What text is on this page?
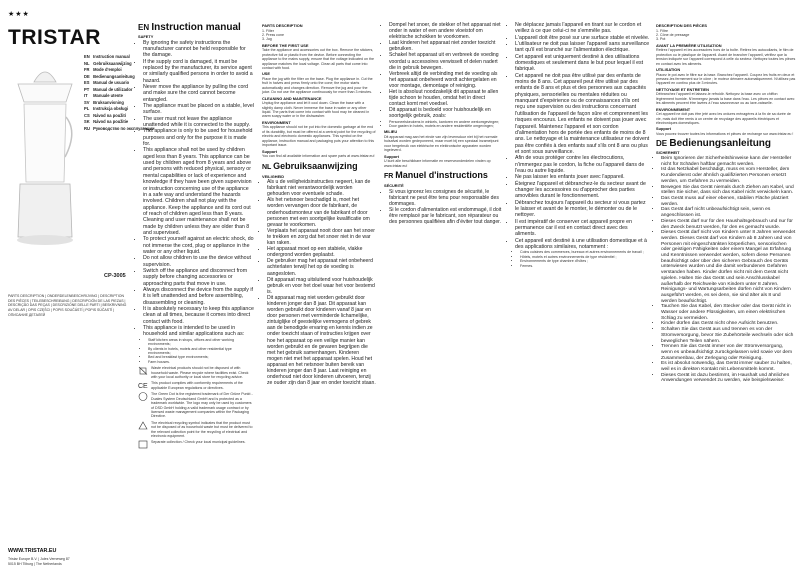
★★★
TRISTAR
EN Instruction manual
NL Gebruiksaanwijzing
FR Mode d'emploi
DE Bedienungsanleitung
ES Manual de usuario
PT Manual de utilizador
IT Manuale utente
SV Bruksanvisning
PL Instrukcja obsługi
CS Návod na použití
SK Návod na použitie
RU Руководство по эксплуатации
CP-3005
PARTS DESCRIPTION | ONDERDELENBESCHRIJVING | DESCRIPTION DES PIÈCES | TEILEBESCHREIBUNG | DESCRIPCIÓN DE LAS PIEZAS | DESCRIÇÃO DAS PEÇAS | DESCRIZIONE DELLE PARTI | BESKRIVNING AV DELAR | OPIS CZĘŚCI | POPIS SOUČÁSTÍ | POPIS SÚČASTÍ | ОПИСАНИЕ ДЕТАЛЕЙ
WWW.TRISTAR.EU
Tristar Europe B.V. | Jules Verneweg 87
5015 BH Tilburg | The Netherlands
EN Instruction manual
SAFETY
• By ignoring the safety instructions the manufacturer cannot be held responsible for the damage.
• If the supply cord is damaged, it must be replaced by the manufacturer, its service agent or similarly qualified persons in order to avoid a hazard.
• Never move the appliance by pulling the cord and make sure the cord cannot become entangled.
• The appliance must be placed on a stable, level surface.
• The user must not leave the appliance unattended while it is connected to the supply.
• This appliance is only to be used for household purposes and only for the purpose it is made for.
• This appliance shall not be used by children aged less than 8 years. This appliance can be used by children aged from 8 years and above and persons with reduced physical, sensory or mental capabilities or lack of experience and knowledge if they have been given supervision or instruction concerning use of the appliance in a safe way and understand the hazards involved. Children shall not play with the appliance. Keep the appliance and its cord out of reach of children aged less than 8 years. Cleaning and user maintenance shall not be made by children unless they are older than 8 and supervised.
• To protect yourself against an electric shock, do not immerse the cord, plug or appliance in the water or any other liquid.
• Do not allow children to use the device without supervision.
• Switch off the appliance and disconnect from supply before changing accessories or approaching parts that move in use.
• Always disconnect the device from the supply if it is left unattended and before assembling, disassembling or cleaning.
• It is absolutely necessary to keep this appliance clean at all times, because it comes into direct contact with food.
• This appliance is intended to be used in household and similar applications such as:
• Staff kitchen areas in shops, offices and other working environments;
• By clients in hotels, motels and other residential type environments;
• Bed and breakfast type environments;
• Farm houses.
Waste electrical products should not be disposed of with household waste. Please recycle where facilities exist. Check with your local authority or local store for recycling advice.
CE This product complies with conformity requirements of the applicable European regulations or directives.
The Green Dot is the registered trademark of Der Grüne Punkt - Duales System Deutschland GmbH and is protected as a trademark worldwide. The logo may only be used by customers of DSD GmbH holding a valid trademark usage contract or by licensed waste management companies within the Packaging Directive.
The electrical recycling symbol indicates that the product must not be disposed of as household waste but must be delivered to the relevant collection point for the recycling of electrical and electronic equipment.
Separate collection / Check your local municipal guidelines.
PARTS DESCRIPTION
1. Filter
2. Press cone
3. Jug
BEFORE THE FIRST USE

Take the appliance and accessories out the box. Remove the stickers, protective foil or plastic from the device. Before connecting the appliance to the mains supply, ensure that the voltage indicated on the appliance matches the local voltage. Clean all parts that come into contact with food.

USE

Place the jug with the filter on the base. Plug the appliance in. Cut the fruit in halves and press firmly onto the cone; the motor starts automatically and changes direction. Remove the jug and pour the juice. Do not use the appliance continuously for more than 3 minutes.

CLEANING AND MAINTENANCE

Unplug the appliance and let it cool down. Clean the base with a slightly damp cloth. Never immerse the base in water or any other liquid. The parts that come into contact with food may be cleaned in warm soapy water or in the dishwasher.

ENVIRONMENT

This appliance should not be put into the domestic garbage at the end of its durability, but must be offered at a central point for the recycling of electric and electronic domestic appliances. This symbol on the appliance, instruction manual and packaging puts your attention to this important issue.

Support

You can find all available information and spare parts at www.tristar.eu!

NL Gebruiksaanwijzing
VEILIGHEID
• Als u de veiligheidsinstructies negeert, kan de fabrikant niet verantwoordelijk worden gehouden voor eventuele schade.
• Als het netsnoer beschadigd is, moet het worden vervangen door de fabrikant, de onderhoudsmonteur van de fabrikant of door personen met een soortgelijke kwalificatie om gevaar te voorkomen.
• Verplaats het apparaat nooit door aan het snoer te trekken en zorg dat het snoer niet in de war kan raken.
• Het apparaat moet op een stabiele, vlakke ondergrond worden geplaatst.
• De gebruiker mag het apparaat niet onbeheerd achterlaten terwijl het op de voeding is aangesloten.
• Dit apparaat mag uitsluitend voor huishoudelijk gebruik en voor het doel waar het voor bestemd is.
• Dit apparaat mag niet worden gebruikt door kinderen jonger dan 8 jaar. Dit apparaat kan worden gebruikt door kinderen vanaf 8 jaar en door personen met verminderde lichamelijke, zintuiglijke of geestelijke vermogens of gebrek aan de benodigde ervaring en kennis indien ze onder toezicht staan of instructies krijgen over hoe het apparaat op een veilige manier kan worden gebruikt en de gevaren begrijpen die met het gebruik samenhangen. Kinderen mogen niet met het apparaat spelen. Houd het apparaat en het netsnoer buiten bereik van kinderen jonger dan 8 jaar. Laat reiniging en onderhoud niet door kinderen uitvoeren, tenzij ze ouder zijn dan 8 jaar en onder toezicht staan.
• Dompel het snoer, de stekker of het apparaat niet onder in water of een andere vloeistof om elektrische schokken te voorkomen.
• Laat kinderen het apparaat niet zonder toezicht gebruiken.
• Schakel het apparaat uit en verbreek de voeding voordat u accessoires verwisselt of delen nadert die in gebruik bewegen.
• Verbreek altijd de verbinding met de voeding als het apparaat onbeheerd wordt achtergelaten en voor montage, demontage of reiniging.
• Het is absoluut noodzakelijk dit apparaat te allen tijde schoon te houden, omdat het in direct contact komt met voedsel.
• Dit apparaat is bedoeld voor huishoudelijk en soortgelijk gebruik, zoals:
• Personeelskeukens in winkels, kantoren en andere werkomgevingen;
• Door gasten in hotels, motels en andere residentiële omgevingen;
MILIEU

Dit apparaat mag aan het einde van zijn levensduur niet bij het normale huisafval worden gedeponeerd, maar moet bij een speciaal inzamelpunt voor hergebruik van elektrische en elektronische apparaten worden ingeleverd.

Support

U kunt alle beschikbare informatie en reserveonderdelen vinden op www.tristar.eu!

FR Manuel d'instructions
SÉCURITÉ
• Si vous ignorez les consignes de sécurité, le fabricant ne peut être tenu pour responsable des dommages.
• Si le cordon d'alimentation est endommagé, il doit être remplacé par le fabricant, son réparateur ou des personnes qualifiées afin d'éviter tout danger.
• Ne déplacez jamais l'appareil en tirant sur le cordon et veillez à ce que celui-ci ne s'emmêle pas.
• L'appareil doit être posé sur une surface stable et nivelée.
• L'utilisateur ne doit pas laisser l'appareil sans surveillance tant qu'il est branché sur l'alimentation électrique.
• Cet appareil est uniquement destiné à des utilisations domestiques et seulement dans le but pour lequel il est fabriqué.
• Cet appareil ne doit pas être utilisé par des enfants de moins de 8 ans. Cet appareil peut être utilisé par des enfants de 8 ans et plus et des personnes aux capacités physiques, sensorielles ou mentales réduites ou manquant d'expérience ou de connaissances s'ils ont reçu une supervision ou des instructions concernant l'utilisation de l'appareil de façon sûre et comprennent les risques encourus. Les enfants ne doivent pas jouer avec l'appareil. Maintenez l'appareil et son cordon d'alimentation hors de portée des enfants de moins de 8 ans. Le nettoyage et la maintenance utilisateur ne doivent pas être confiés à des enfants sauf s'ils ont 8 ans ou plus et sont sous surveillance.
• Afin de vous protéger contre les électrocutions, n'immergez pas le cordon, la fiche ou l'appareil dans de l'eau ou autre liquide.
• Ne pas laisser les enfants jouer avec l'appareil.
• Éteignez l'appareil et débranchez-le du secteur avant de changer les accessoires ou d'approcher des parties amovibles durant le fonctionnement.
• Débranchez toujours l'appareil du secteur si vous partez le laisser et avant de le monter, le démonter ou de le nettoyer.
• Il est impératif de conserver cet appareil propre en permanence car il est en contact direct avec des aliments.
• Cet appareil est destiné à une utilisation domestique et à des applications similaires, notamment :
• Coins cuisines des commerces, bureaux et autres environnements de travail ;
• Hôtels, motels et autres environnements de type résidentiel ;
• Environnements de type chambre d'hôtes ;
• Fermes.
DESCRIPTION DES PIÈCES
1. Filtre
2. Cône de pressage
3. Pot
AVANT LA PREMIÈRE UTILISATION

Retirez l'appareil et les accessoires hors de la boîte. Retirez les autocollants, le film de protection ou le plastique de l'appareil. Avant de brancher l'appareil, vérifiez que la tension indiquée sur l'appareil correspond à celle du secteur. Nettoyez toutes les pièces en contact avec les aliments.

UTILISATION

Placez le pot avec le filtre sur la base. Branchez l'appareil. Coupez les fruits en deux et pressez-les fermement sur le cône ; le moteur démarre automatiquement. N'utilisez pas l'appareil en continu plus de 3 minutes.

NETTOYAGE ET ENTRETIEN

Débranchez l'appareil et laissez-le refroidir. Nettoyez la base avec un chiffon légèrement humide. N'immergez jamais la base dans l'eau. Les pièces en contact avec les aliments peuvent être lavées à l'eau savonneuse ou au lave-vaisselle.

ENVIRONNEMENT

Cet appareil ne doit pas être jeté avec les ordures ménagères à la fin de sa durée de vie, mais doit être remis à un centre de recyclage des appareils électriques et électroniques domestiques.

Support

Vous pouvez trouver toutes les informations et pièces de rechange sur www.tristar.eu !

DE Bedienungsanleitung
SICHERHEIT
• Beim Ignorieren der Sicherheitshinweise kann der Hersteller nicht für Schäden haftbar gemacht werden.
• Ist das Netzkabel beschädigt, muss es vom Hersteller, dem Kundendienst oder ähnlich qualifizierten Personen ersetzt werden, um Gefahren zu vermeiden.
• Bewegen Sie das Gerät niemals durch Ziehen am Kabel, und stellen Sie sicher, dass sich das Kabel nicht verwickeln kann.
• Das Gerät muss auf einer ebenen, stabilen Fläche platziert werden.
• Das Gerät darf nicht unbeaufsichtigt sein, wenn es angeschlossen ist.
• Dieses Gerät darf nur für den Haushaltsgebrauch und nur für den Zweck benutzt werden, für den es gemacht wurde.
• Dieses Gerät darf nicht von Kindern unter 8 Jahren verwendet werden. Dieses Gerät darf von Kindern ab 8 Jahren und von Personen mit eingeschränkten körperlichen, sensorischen oder geistigen Fähigkeiten oder einem Mangel an Erfahrung und Kenntnissen verwendet werden, sofern diese Personen beaufsichtigt oder über den sicheren Gebrauch des Geräts unterwiesen wurden und die damit verbundenen Gefahren verstanden haben. Kinder dürfen nicht mit dem Gerät nicht spielen. Halten Sie das Gerät und sein Anschlusskabel außerhalb der Reichweite von Kindern unter 8 Jahren. Reinigungs- und Wartungsarbeiten dürfen nicht von Kindern ausgeführt werden, es sei denn, sie sind älter als 8 und werden beaufsichtigt.
• Tauchen Sie das Kabel, den Stecker oder das Gerät nicht in Wasser oder andere Flüssigkeiten, um einen elektrischen Schlag zu vermeiden.
• Kinder dürfen das Gerät nicht ohne Aufsicht benutzen.
• Schalten Sie das Gerät aus und trennen es von der Stromversorgung, bevor Sie Zubehörteile wechseln oder sich beweglichen Teilen nähern.
• Trennen Sie das Gerät immer von der Stromversorgung, wenn es unbeaufsichtigt zurückgelassen wird sowie vor dem Zusammenbau, der Zerlegung oder Reinigung.
• Es ist absolut notwendig, das Gerät immer sauber zu halten, weil es in direkten Kontakt mit Lebensmitteln kommt.
• Dieses Gerät ist dazu bestimmt, im Haushalt und ähnlichen Anwendungen verwendet zu werden, wie beispielsweise:
